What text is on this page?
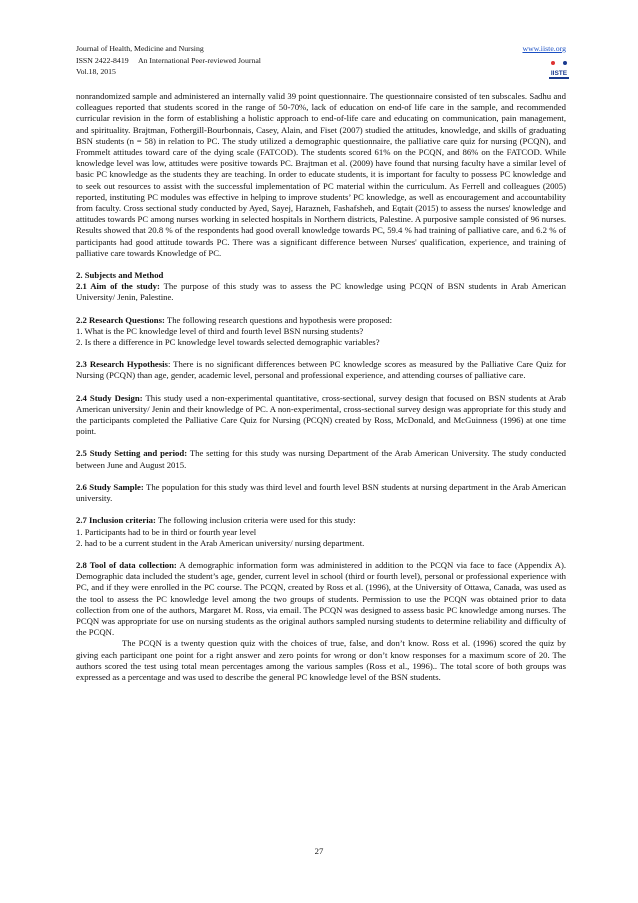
Journal of Health, Medicine and Nursing
ISSN 2422-8419     An International Peer-reviewed Journal
Vol.18, 2015
www.iiste.org
IISTE

nonrandomized sample and administered an internally valid 39 point questionnaire. The questionnaire consisted of ten subscales. Sadhu and colleagues reported that students scored in the range of 50-70%, lack of education on end-of life care in the sample, and recommended curricular revision in the form of establishing a holistic approach to end-of-life care and educating on communication, pain management, and spirituality. Brajtman, Fothergill-Bourbonnais, Casey, Alain, and Fiset (2007) studied the attitudes, knowledge, and skills of graduating BSN students (n = 58) in relation to PC. The study utilized a demographic questionnaire, the palliative care quiz for nursing (PCQN), and Frommelt attitudes toward care of the dying scale (FATCOD). The students scored 61% on the PCQN, and 86% on the FATCOD. While knowledge level was low, attitudes were positive towards PC. Brajtman et al. (2009) have found that nursing faculty have a similar level of basic PC knowledge as the students they are teaching. In order to educate students, it is important for faculty to possess PC knowledge and to seek out resources to assist with the successful implementation of PC material within the curriculum. As Ferrell and colleagues (2005) reported, instituting PC modules was effective in helping to improve students’ PC knowledge, as well as encouragement and accountability from faculty. Cross sectional study conducted by Ayed, Sayej, Harazneh, Fashafsheh, and Eqtait (2015) to assess the nurses' knowledge and attitudes towards PC among nurses working in selected hospitals in Northern districts, Palestine. A purposive sample consisted of 96 nurses. Results showed that 20.8 % of the respondents had good overall knowledge towards PC, 59.4 % had training of palliative care, and 6.2 % of participants had good attitude towards PC. There was a significant difference between Nurses' qualification, experience, and training of palliative care towards Knowledge of PC.

2. Subjects and Method

2.1 Aim of the study: The purpose of this study was to assess the PC knowledge using PCQN of BSN students in Arab American University/ Jenin, Palestine.

2.2 Research Questions: The following research questions and hypothesis were proposed:

1. What is the PC knowledge level of third and fourth level BSN nursing students?

2. Is there a difference in PC knowledge level towards selected demographic variables?

2.3 Research Hypothesis: There is no significant differences between PC knowledge scores as measured by the Palliative Care Quiz for Nursing (PCQN) than age, gender, academic level, personal and professional experience, and attending courses of palliative care.

2.4 Study Design: This study used a non-experimental quantitative, cross-sectional, survey design that focused on BSN students at Arab American university/ Jenin and their knowledge of PC. A non-experimental, cross-sectional survey design was appropriate for this study and the participants completed the Palliative Care Quiz for Nursing (PCQN) created by Ross, McDonald, and McGuinness (1996) at one time point.

2.5 Study Setting and period: The setting for this study was nursing Department of the Arab American University. The study conducted between June and August 2015.

2.6 Study Sample: The population for this study was third level and fourth level BSN students at nursing department in the Arab American university.

2.7 Inclusion criteria: The following inclusion criteria were used for this study:

1. Participants had to be in third or fourth year level

2. had to be a current student in the Arab American university/ nursing department.

2.8 Tool of data collection: A demographic information form was administered in addition to the PCQN via face to face (Appendix A). Demographic data included the student’s age, gender, current level in school (third or fourth level), personal or professional experience with PC, and if they were enrolled in the PC course. The PCQN, created by Ross et al. (1996), at the University of Ottawa, Canada, was used as the tool to assess the PC knowledge level among the two groups of students. Permission to use the PCQN was obtained prior to data collection from one of the authors, Margaret M. Ross, via email. The PCQN was designed to assess basic PC knowledge among nurses. The PCQN was appropriate for use on nursing students as the original authors sampled nursing students to determine reliability and difficulty of the PCQN.

The PCQN is a twenty question quiz with the choices of true, false, and don’t know. Ross et al. (1996) scored the quiz by giving each participant one point for a right answer and zero points for wrong or don’t know responses for a maximum score of 20. The authors scored the test using total mean percentages among the various samples (Ross et al., 1996).. The total score of both groups was expressed as a percentage and was used to describe the general PC knowledge level of the BSN students.

27
